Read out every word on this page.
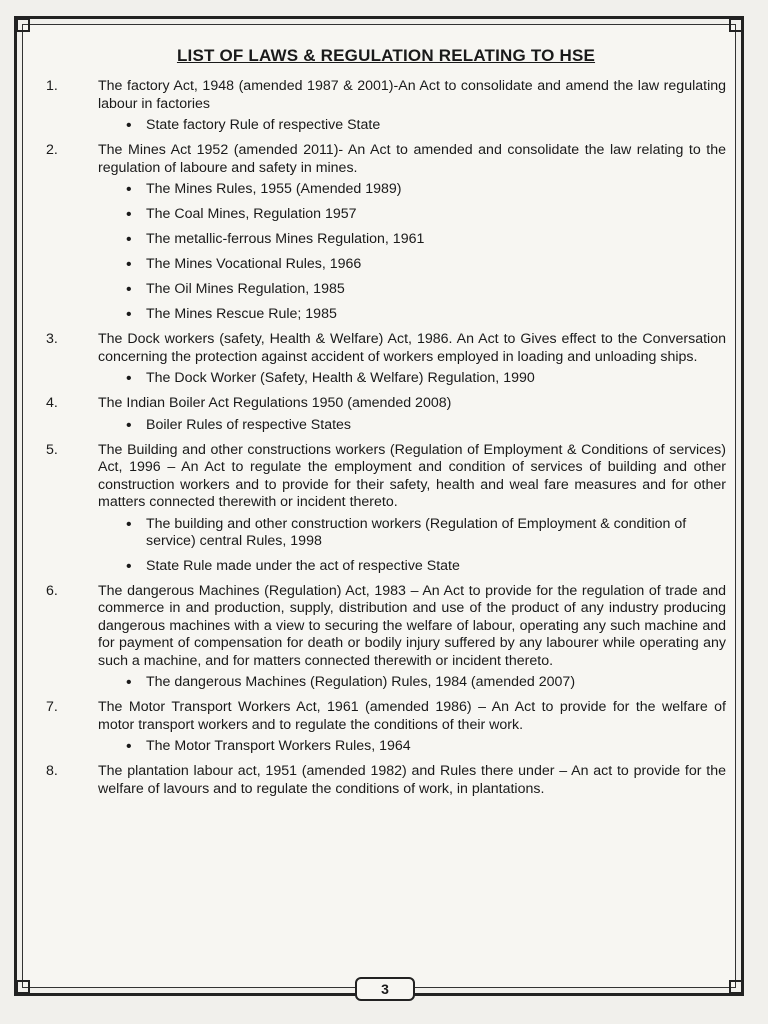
LIST OF LAWS & REGULATION RELATING TO HSE
1.	The factory Act, 1948 (amended 1987 & 2001)-An Act to consolidate and amend the law regulating labour in factories
• State factory Rule of respective State
2.	The Mines Act 1952 (amended 2011)- An Act to amended and consolidate the law relating to the regulation of laboure and safety in mines.
• The Mines Rules, 1955 (Amended 1989)
• The Coal Mines, Regulation 1957
• The metallic-ferrous Mines Regulation, 1961
• The Mines Vocational Rules, 1966
• The Oil Mines Regulation, 1985
• The Mines Rescue Rule; 1985
3.	The Dock workers (safety, Health & Welfare) Act, 1986. An Act to Gives effect to the Conversation concerning the protection against accident of workers employed in loading and unloading ships.
• The Dock Worker (Safety, Health & Welfare) Regulation, 1990
4.	The Indian Boiler Act Regulations 1950 (amended 2008)
• Boiler Rules of respective States
5.	The Building and other constructions workers (Regulation of Employment & Conditions of services) Act, 1996 – An Act to regulate the employment and condition of services of building and other construction workers and to provide for their safety, health and weal fare measures and for other matters connected therewith or incident thereto.
• The building and other construction workers (Regulation of Employment & condition of service) central Rules, 1998
• State Rule made under the act of respective State
6.	The dangerous Machines (Regulation) Act, 1983 – An Act to provide for the regulation of trade and commerce in and production, supply, distribution and use of the product of any industry producing dangerous machines with a view to securing the welfare of labour, operating any such machine and for payment of compensation for death or bodily injury suffered by any labourer while operating any such a machine, and for matters connected therewith or incident thereto.
• The dangerous Machines (Regulation) Rules, 1984 (amended 2007)
7.	The Motor Transport Workers Act, 1961 (amended 1986) – An Act to provide for the welfare of motor transport workers and to regulate the conditions of their work.
• The Motor Transport Workers Rules, 1964
8.	The plantation labour act, 1951 (amended 1982) and Rules there under – An act to provide for the welfare of lavours and to regulate the conditions of work, in plantations.
3
